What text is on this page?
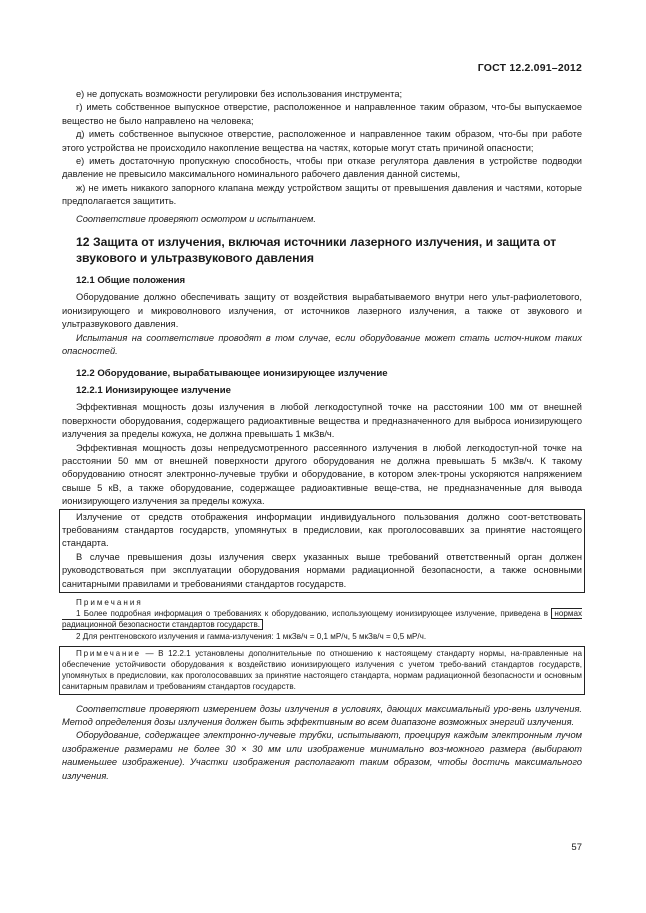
ГОСТ 12.2.091–2012

е) не допускать возможности регулировки без использования инструмента;

г) иметь собственное выпускное отверстие, расположенное и направленное таким образом, что-бы выпускаемое вещество не было направлено на человека;

д) иметь собственное выпускное отверстие, расположенное и направленное таким образом, что-бы при работе этого устройства не происходило накопление вещества на частях, которые могут стать причиной опасности;

е) иметь достаточную пропускную способность, чтобы при отказе регулятора давления в устройстве подводки давление не превысило максимального номинального рабочего давления данной системы,

ж) не иметь никакого запорного клапана между устройством защиты от превышения давления и частями, которые предполагается защитить.

Соответствие проверяют осмотром и испытанием.

12 Защита от излучения, включая источники лазерного излучения, и защита от звукового и ультразвукового давления
12.1 Общие положения

Оборудование должно обеспечивать защиту от воздействия вырабатываемого внутри него ульт-рафиолетового, ионизирующего и микроволнового излучения, от источников лазерного излучения, а также от звукового и ультразвукового давления.

Испытания на соответствие проводят в том случае, если оборудование может стать источ-ником таких опасностей.

12.2 Оборудование, вырабатывающее ионизирующее излучение
12.2.1 Ионизирующее излучение

Эффективная мощность дозы излучения в любой легкодоступной точке на расстоянии 100 мм от внешней поверхности оборудования, содержащего радиоактивные вещества и предназначенного для выброса ионизирующего излучения за пределы кожуха, не должна превышать 1 мкЗв/ч.

Эффективная мощность дозы непредусмотренного рассеянного излучения в любой легкодоступ-ной точке на расстоянии 50 мм от внешней поверхности другого оборудования не должна превышать 5 мкЗв/ч. К такому оборудованию относят электронно-лучевые трубки и оборудование, в котором элек-троны ускоряются напряжением свыше 5 кВ, а также оборудование, содержащее радиоактивные веще-ства, не предназначенные для вывода ионизирующего излучения за пределы кожуха.

Излучение от средств отображения информации индивидуального пользования должно соот-ветствовать требованиям стандартов государств, упомянутых в предисловии, как проголосовавших за принятие настоящего стандарта.

В случае превышения дозы излучения сверх указанных выше требований ответственный орган должен руководствоваться при эксплуатации оборудования нормами радиационной безопасности, а также основными санитарными правилами и требованиями стандартов государств.

Примечания

1 Более подробная информация о требованиях к оборудованию, использующему ионизирующее излучение, приведена в нормах радиационной безопасности стандартов государств.

2 Для рентгеновского излучения и гамма-излучения: 1 мкЗв/ч = 0,1 мР/ч, 5 мкЗв/ч = 0,5 мР/ч.

Примечание — В 12.2.1 установлены дополнительные по отношению к настоящему стандарту нормы, на-правленные на обеспечение устойчивости оборудования к воздействию ионизирующего излучения с учетом требо-ваний стандартов государств, упомянутых в предисловии, как проголосовавших за принятие настоящего стандарта, нормам радиационной безопасности и основным санитарным правилам и требованиям стандартов государств.

Соответствие проверяют измерением дозы излучения в условиях, дающих максимальный уро-вень излучения. Метод определения дозы излучения должен быть эффективным во всем диапазоне возможных энергий излучения.

Оборудование, содержащее электронно-лучевые трубки, испытывают, проецируя каждым электронным лучом изображение размерами не более 30 × 30 мм или изображение минимально воз-можного размера (выбирают наименьшее изображение). Участки изображения располагают таким образом, чтобы достичь максимального излучения.

57
